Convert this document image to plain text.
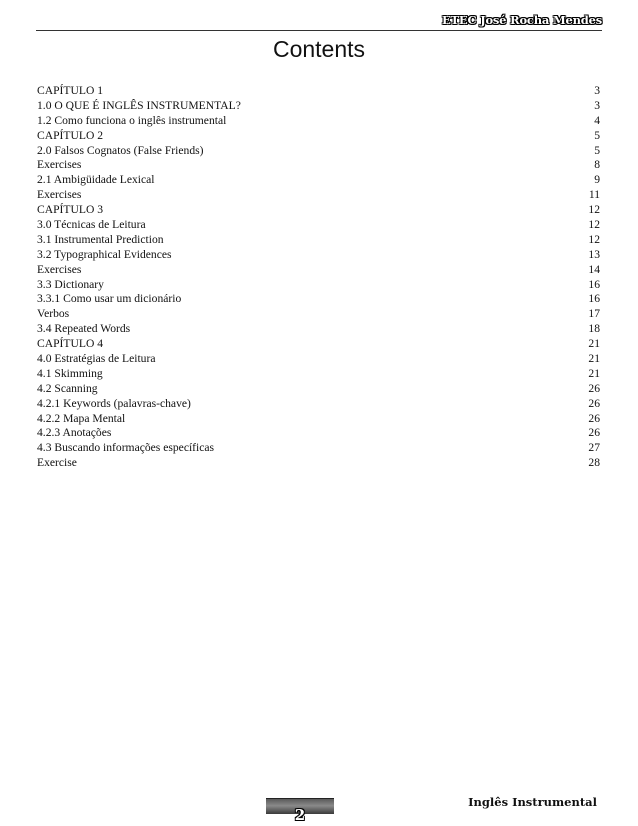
ETEC José Rocha Mendes
Contents
CAPÍTULO 1	3
1.0 O QUE É INGLÊS INSTRUMENTAL?	3
1.2 Como funciona o inglês instrumental	4
CAPÍTULO 2	5
2.0 Falsos Cognatos (False Friends)	5
Exercises	8
2.1 Ambigüidade Lexical	9
Exercises	11
CAPÍTULO 3	12
3.0 Técnicas de Leitura	12
3.1 Instrumental Prediction	12
3.2 Typographical Evidences	13
Exercises	14
3.3 Dictionary	16
3.3.1 Como usar um dicionário	16
Verbos	17
3.4 Repeated Words	18
CAPÍTULO 4	21
4.0 Estratégias de Leitura	21
4.1 Skimming	21
4.2 Scanning	26
4.2.1 Keywords (palavras-chave)	26
4.2.2 Mapa Mental	26
4.2.3 Anotações	26
4.3 Buscando informações específicas	27
Exercise	28
2
Inglês Instrumental
